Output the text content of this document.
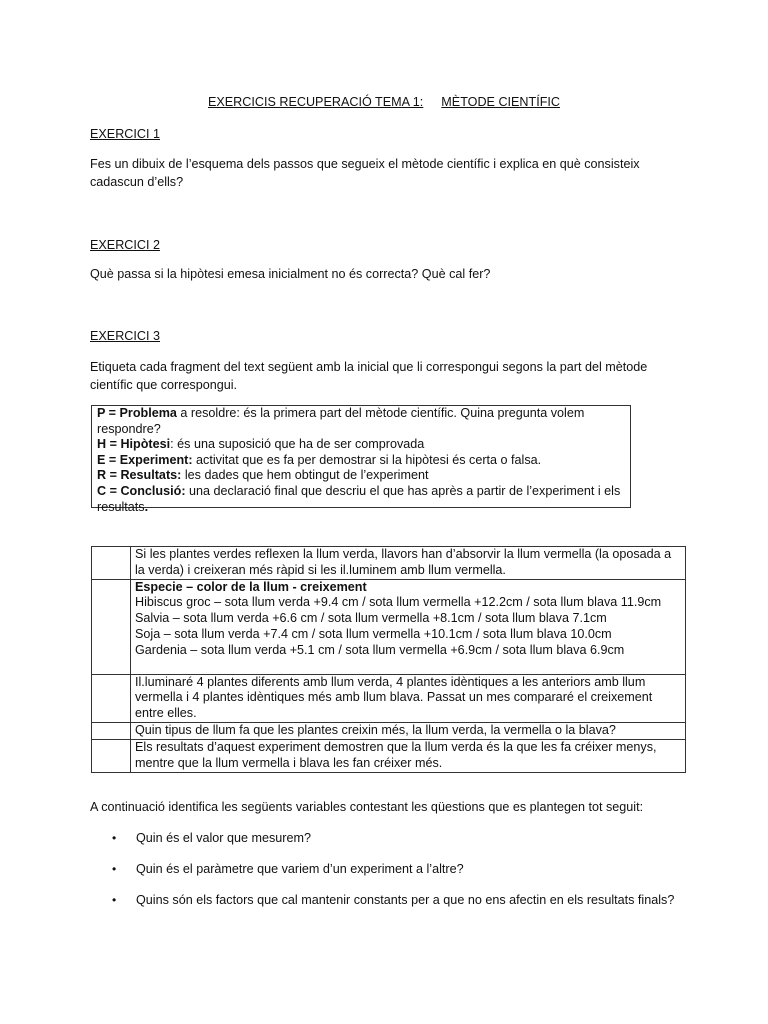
EXERCICIS RECUPERACIÓ TEMA 1: MÈTODE CIENTÍFIC
EXERCICI 1
Fes un dibuix de l’esquema dels passos que segueix el mètode científic i explica en què consisteix
cadascun d’ells?
EXERCICI 2
Què passa si la hipòtesi emesa inicialment no és correcta? Què cal fer?
EXERCICI 3
Etiqueta cada fragment del text següent amb la inicial que li correspongui segons la part del mètode
científic que correspongui.
P = Problema a resoldre: és la primera part del mètode científic. Quina pregunta volem
respondre?
H = Hipòtesi: és una suposició que ha de ser comprovada
E = Experiment: activitat que es fa per demostrar si la hipòtesi és certa o falsa.
R = Resultats: les dades que hem obtingut de l’experiment
C = Conclusió: una declaració final que descriu el que has après a partir de l’experiment i els
resultats.

	Si les plantes verdes reflexen la llum verda, llavors han d’absorvir la llum vermella (la oposada a
la verda) i creixeran més ràpid si les il.luminem amb llum vermella.

	Especie – color de la llum - creixement
Hibiscus groc – sota llum verda +9.4 cm / sota llum vermella +12.2cm / sota llum blava 11.9cm
Salvia – sota llum verda +6.6 cm / sota llum vermella +8.1cm / sota llum blava 7.1cm
Soja – sota llum verda +7.4 cm / sota llum vermella +10.1cm / sota llum blava 10.0cm
Gardenia – sota llum verda +5.1 cm / sota llum vermella +6.9cm / sota llum blava 6.9cm

	Il.luminaré 4 plantes diferents amb llum verda, 4 plantes idèntiques a les anteriors amb llum
vermella i 4 plantes idèntiques més amb llum blava. Passat un mes compararé el creixement
entre elles.

	Quin tipus de llum fa que les plantes creixin més, la llum verda, la vermella o la blava?

	Els resultats d’aquest experiment demostren que la llum verda és la que les fa créixer menys,
mentre que la llum vermella i blava les fan créixer més.
A continuació identifica les següents variables contestant les qüestions que es plantegen tot seguit:
• Quin és el valor que mesurem?
• Quin és el paràmetre que variem d’un experiment a l’altre?
• Quins són els factors que cal mantenir constants per a que no ens afectin en els resultats finals?
